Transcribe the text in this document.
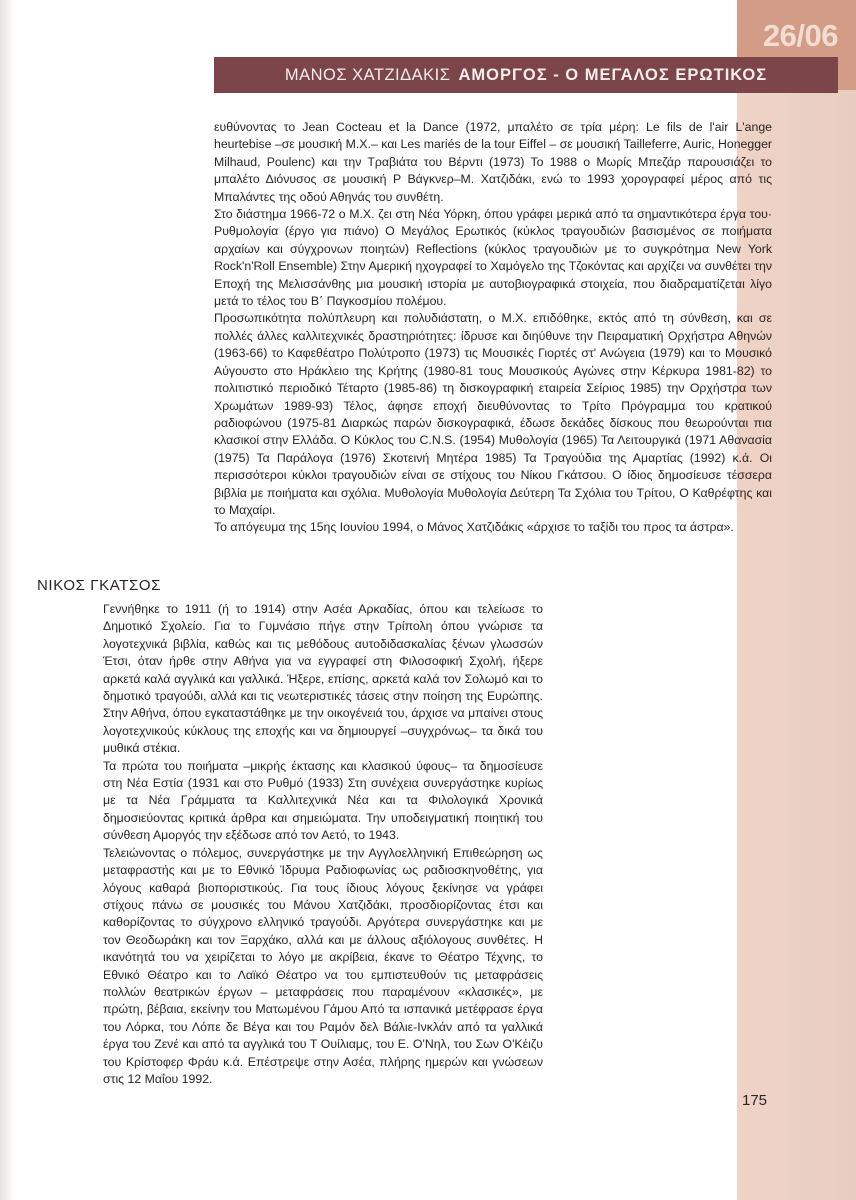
26/06
ΜΑΝΟΣ ΧΑΤΖΙΔΑΚΙΣ ΑΜΟΡΓΟΣ - Ο ΜΕΓΑΛΟΣ ΕΡΩΤΙΚΟΣ

ευθύνοντας το Jean Cocteau et la Dance (1972, μπαλέτο σε τρία μέρη: Le fils de l'air L'ange heurtebise –σε μουσική Μ.Χ.– και Les mariés de la tour Eiffel – σε μουσική Tailleferre, Auric, Honegger Milhaud, Poulenc) και την Τραβιάτα του Βέρντι (1973) Το 1988 ο Μωρίς Μπεζάρ παρουσιάζει το μπαλέτο Διόνυσος σε μουσική Ρ Βάγκνερ–Μ. Χατζιδάκι, ενώ το 1993 χορογραφεί μέρος από τις Μπαλάντες της οδού Αθηνάς του συνθέτη.

Στο διάστημα 1966-72 ο Μ.Χ. ζει στη Νέα Υόρκη, όπου γράφει μερικά από τα σημαντικότερα έργα του· Ρυθμολογία (έργο για πιάνο) Ο Μεγάλος Ερωτικός (κύκλος τραγουδιών βασισμένος σε ποιήματα αρχαίων και σύγχρονων ποιητών) Reflections (κύκλος τραγουδιών με το συγκρότημα New York Rock'n'Roll Ensemble) Στην Αμερική ηχογραφεί το Χαμόγελο της Τζοκόντας και αρχίζει να συνθέτει την Εποχή της Μελισσάνθης μια μουσική ιστορία με αυτοβιογραφικά στοιχεία, που διαδραματίζεται λίγο μετά το τέλος του Β΄ Παγκοσμίου πολέμου.

Προσωπικότητα πολύπλευρη και πολυδιάστατη, ο Μ.Χ. επιδόθηκε, εκτός από τη σύνθεση, και σε πολλές άλλες καλλιτεχνικές δραστηριότητες: ίδρυσε και διηύθυνε την Πειραματική Ορχήστρα Αθηνών (1963-66) το Καφεθέατρο Πολύτροπο (1973) τις Μουσικές Γιορτές στ' Ανώγεια (1979) και το Μουσικό Αύγουστο στο Ηράκλειο της Κρήτης (1980-81 τους Μουσικούς Αγώνες στην Κέρκυρα 1981-82) το πολιτιστικό περιοδικό Τέταρτο (1985-86) τη δισκογραφική εταιρεία Σείριος 1985) την Ορχήστρα των Χρωμάτων 1989-93) Τέλος, άφησε εποχή διευθύνοντας το Τρίτο Πρόγραμμα του κρατικού ραδιοφώνου (1975-81 Διαρκώς παρών δισκογραφικά, έδωσε δεκάδες δίσκους που θεωρούνται πια κλασικοί στην Ελλάδα. Ο Κύκλος του C.N.S. (1954) Μυθολογία (1965) Τα Λειτουργικά (1971 Αθανασία (1975) Τα Παράλογα (1976) Σκοτεινή Μητέρα 1985) Τα Τραγούδια της Αμαρτίας (1992) κ.ά. Οι περισσότεροι κύκλοι τραγουδιών είναι σε στίχους του Νίκου Γκάτσου. Ο ίδιος δημοσίευσε τέσσερα βιβλία με ποιήματα και σχόλια. Μυθολογία Μυθολογία Δεύτερη Τα Σχόλια του Τρίτου, Ο Καθρέφτης και το Μαχαίρι.

Το απόγευμα της 15ης Ιουνίου 1994, ο Μάνος Χατζιδάκις «άρχισε το ταξίδι του προς τα άστρα».

ΝΙΚΟΣ ΓΚΑΤΣΟΣ

Γεννήθηκε το 1911 (ή το 1914) στην Ασέα Αρκαδίας, όπου και τελείωσε το Δημοτικό Σχολείο. Για το Γυμνάσιο πήγε στην Τρίπολη όπου γνώρισε τα λογοτεχνικά βιβλία, καθώς και τις μεθόδους αυτοδιδασκαλίας ξένων γλωσσών Έτσι, όταν ήρθε στην Αθήνα για να εγγραφεί στη Φιλοσοφική Σχολή, ήξερε αρκετά καλά αγγλικά και γαλλικά. Ήξερε, επίσης, αρκετά καλά τον Σολωμό και το δημοτικό τραγούδι, αλλά και τις νεωτεριστικές τάσεις στην ποίηση της Ευρώπης. Στην Αθήνα, όπου εγκαταστάθηκε με την οικογένειά του, άρχισε να μπαίνει στους λογοτεχνικούς κύκλους της εποχής και να δημιουργεί –συγχρόνως– τα δικά του μυθικά στέκια.

Τα πρώτα του ποιήματα –μικρής έκτασης και κλασικού ύφους– τα δημοσίευσε στη Νέα Εστία (1931 και στο Ρυθμό (1933) Στη συνέχεια συνεργάστηκε κυρίως με τα Νέα Γράμματα τα Καλλιτεχνικά Νέα και τα Φιλολογικά Χρονικά δημοσιεύοντας κριτικά άρθρα και σημειώματα. Την υποδειγματική ποιητική του σύνθεση Αμοργός την εξέδωσε από τον Αετό, το 1943.

Τελειώνοντας ο πόλεμος, συνεργάστηκε με την Αγγλοελληνική Επιθεώρηση ως μεταφραστής και με το Εθνικό Ίδρυμα Ραδιοφωνίας ως ραδιοσκηνοθέτης, για λόγους καθαρά βιοποριστικούς. Για τους ίδιους λόγους ξεκίνησε να γράφει στίχους πάνω σε μουσικές του Μάνου Χατζιδάκι, προσδιορίζοντας έτσι και καθορίζοντας το σύγχρονο ελληνικό τραγούδι. Αργότερα συνεργάστηκε και με τον Θεοδωράκη και τον Ξαρχάκο, αλλά και με άλλους αξιόλογους συνθέτες. Η ικανότητά του να χειρίζεται το λόγο με ακρίβεια, έκανε το Θέατρο Τέχνης, το Εθνικό Θέατρο και το Λαϊκό Θέατρο να του εμπιστευθούν τις μεταφράσεις πολλών θεατρικών έργων – μεταφράσεις που παραμένουν «κλασικές», με πρώτη, βέβαια, εκείνην του Ματωμένου Γάμου Από τα ισπανικά μετέφρασε έργα του Λόρκα, του Λόπε δε Βέγα και του Ραμόν δελ Βάλιε-Ινκλάν από τα γαλλικά έργα του Ζενέ και από τα αγγλικά του Τ Ουίλιαμς, του Ε. Ο'Νηλ, του Σων Ο'Κέιζυ του Κρίστοφερ Φράυ κ.ά. Επέστρεψε στην Ασέα, πλήρης ημερών και γνώσεων στις 12 Μαΐου 1992.

175
